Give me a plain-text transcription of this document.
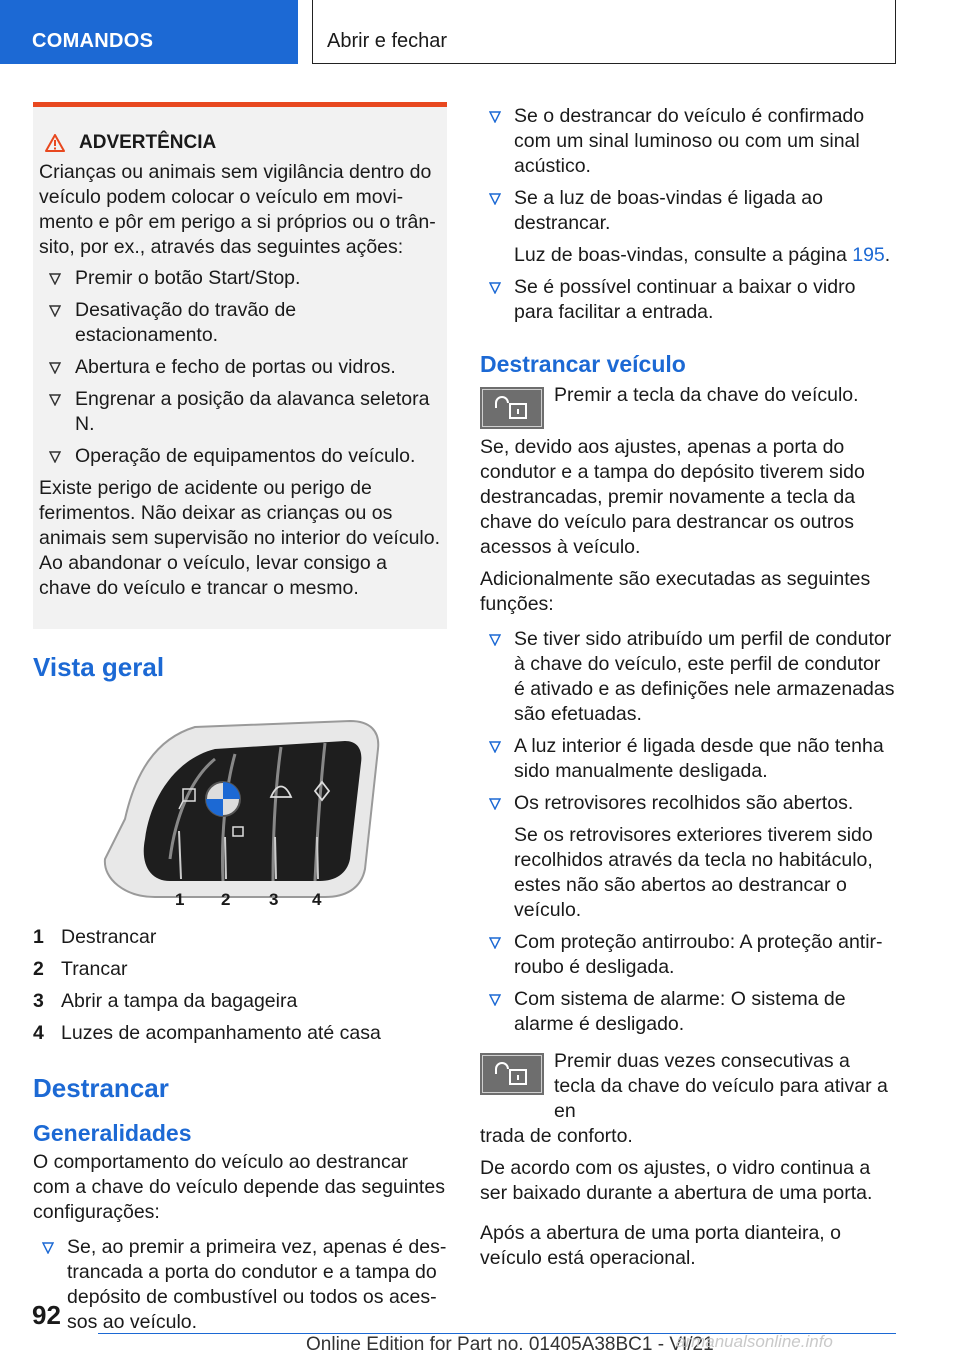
COMANDOS	Abrir e fechar
ADVERTÊNCIA

Crianças ou animais sem vigilância dentro do veículo podem colocar o veículo em movimento e pôr em perigo a si próprios ou o trânsito, por ex., através das seguintes ações:

Premir o botão Start/Stop.
Desativação do travão de estacionamento.
Abertura e fecho de portas ou vidros.
Engrenar a posição da alavanca seletora N.
Operação de equipamentos do veículo.

Existe perigo de acidente ou perigo de ferimentos. Não deixar as crianças ou os animais sem supervisão no interior do veículo. Ao abandonar o veículo, levar consigo a chave do veículo e trancar o mesmo.

Vista geral
1 2 3 4
1 Destrancar
2 Trancar
3 Abrir a tampa da bagageira
4 Luzes de acompanhamento até casa
Destrancar
Generalidades

O comportamento do veículo ao destrancar com a chave do veículo depende das seguintes configurações:

Se, ao premir a primeira vez, apenas é destrancada a porta do condutor e a tampa do depósito de combustível ou todos os acessos ao veículo.
Se o destrancar do veículo é confirmado com um sinal luminoso ou com um sinal acústico.
Se a luz de boas-vindas é ligada ao destrancar.
Luz de boas-vindas, consulte a página 195.
Se é possível continuar a baixar o vidro para facilitar a entrada.
Destrancar veículo

Premir a tecla da chave do veículo.

Se, devido aos ajustes, apenas a porta do condutor e a tampa do depósito tiverem sido destrancadas, premir novamente a tecla da chave do veículo para destrancar os outros acessos à veículo.

Adicionalmente são executadas as seguintes funções:

Se tiver sido atribuído um perfil de condutor à chave do veículo, este perfil de condutor é ativado e as definições nele armazenadas são efetuadas.
A luz interior é ligada desde que não tenha sido manualmente desligada.
Os retrovisores recolhidos são abertos.
Se os retrovisores exteriores tiverem sido recolhidos através da tecla no habitáculo, estes não são abertos ao destrancar o veículo.
Com proteção antirroubo: A proteção antirroubo é desligada.
Com sistema de alarme: O sistema de alarme é desligado.

Premir duas vezes consecutivas a tecla da chave do veículo para ativar a en

trada de conforto.

De acordo com os ajustes, o vidro continua a ser baixado durante a abertura de uma porta.

Após a abertura de uma porta dianteira, o veículo está operacional.

92
Online Edition for Part no. 01405A38BC1 - VI/21
armanualsonline.info
